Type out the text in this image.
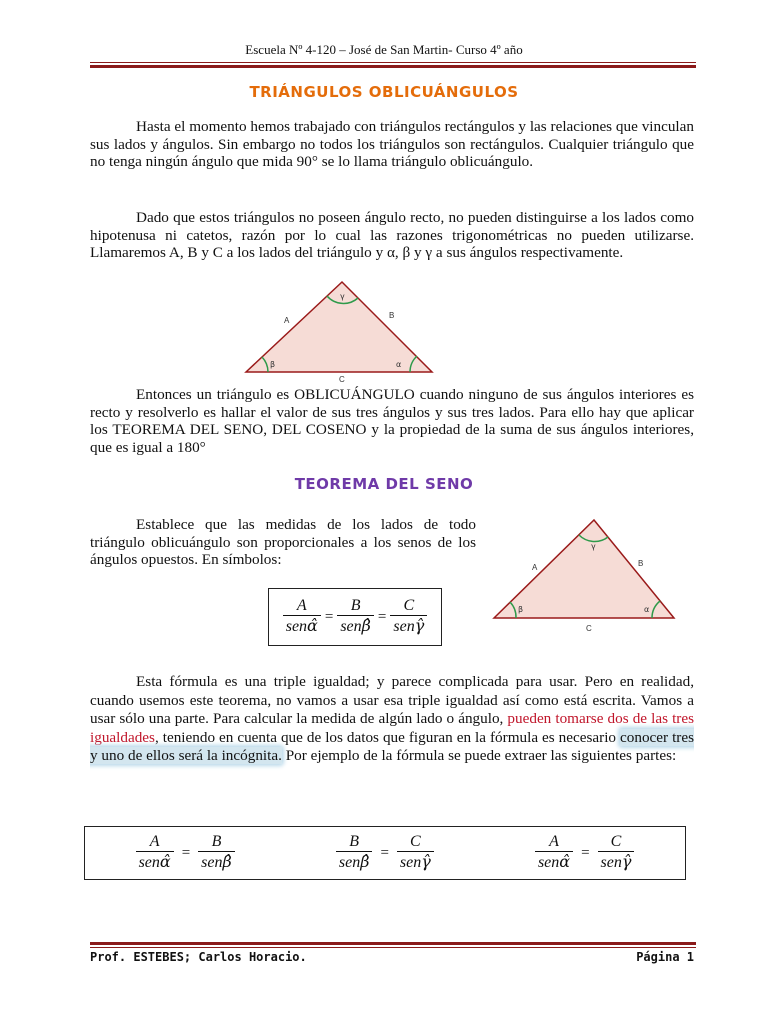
Escuela Nº 4-120 – José de San Martin- Curso 4º año
TRIÁNGULOS OBLICUÁNGULOS
Hasta el momento hemos trabajado con triángulos rectángulos y las relaciones que vinculan sus lados y ángulos. Sin embargo no todos los triángulos son rectángulos. Cualquier triángulo que no tenga ningún ángulo que mida 90° se lo llama triángulo oblicuángulo.
Dado que estos triángulos no poseen ángulo recto, no pueden distinguirse a los lados como hipotenusa ni catetos, razón por lo cual las razones trigonométricas no pueden utilizarse. Llamaremos A, B y C a los lados del triángulo y α, β y γ a sus ángulos respectivamente.
A
B
C
β	α
γ
Entonces un triángulo es OBLICUÁNGULO cuando ninguno de sus ángulos interiores es recto y resolverlo es hallar el valor de sus tres ángulos y sus tres lados. Para ello hay que aplicar los TEOREMA DEL SENO, DEL COSENO y la propiedad de la suma de sus ángulos interiores, que es igual a 180°
TEOREMA DEL SENO
Establece que las medidas de los lados de todo triángulo oblicuángulo son proporcionales a los senos de los ángulos opuestos. En símbolos:	A	B
C
β	α
γ
$\frac{A}{\text{senα̂}} = \frac{B}{\text{senβ̂}} = \frac{C}{\text{senγ̂}}$
Esta fórmula es una triple igualdad; y parece complicada para usar. Pero en realidad, cuando usemos este teorema, no vamos a usar esa triple igualdad así como está escrita. Vamos a usar sólo una parte. Para calcular la medida de algún lado o ángulo, pueden tomarse dos de las tres igualdades, teniendo en cuenta que de los datos que figuran en la fórmula es necesario conocer tres y uno de ellos será la incógnita. Por ejemplo de la fórmula se puede extraer las siguientes partes:
$\frac{A}{\text{senα̂}} = \frac{B}{\text{senβ̂}}$	$\frac{B}{\text{senβ̂}} = \frac{C}{\text{senγ̂}}$	$\frac{A}{\text{senα̂}} = \frac{C}{\text{senγ̂}}$
Prof. ESTEBES; Carlos Horacio.	Página 1
